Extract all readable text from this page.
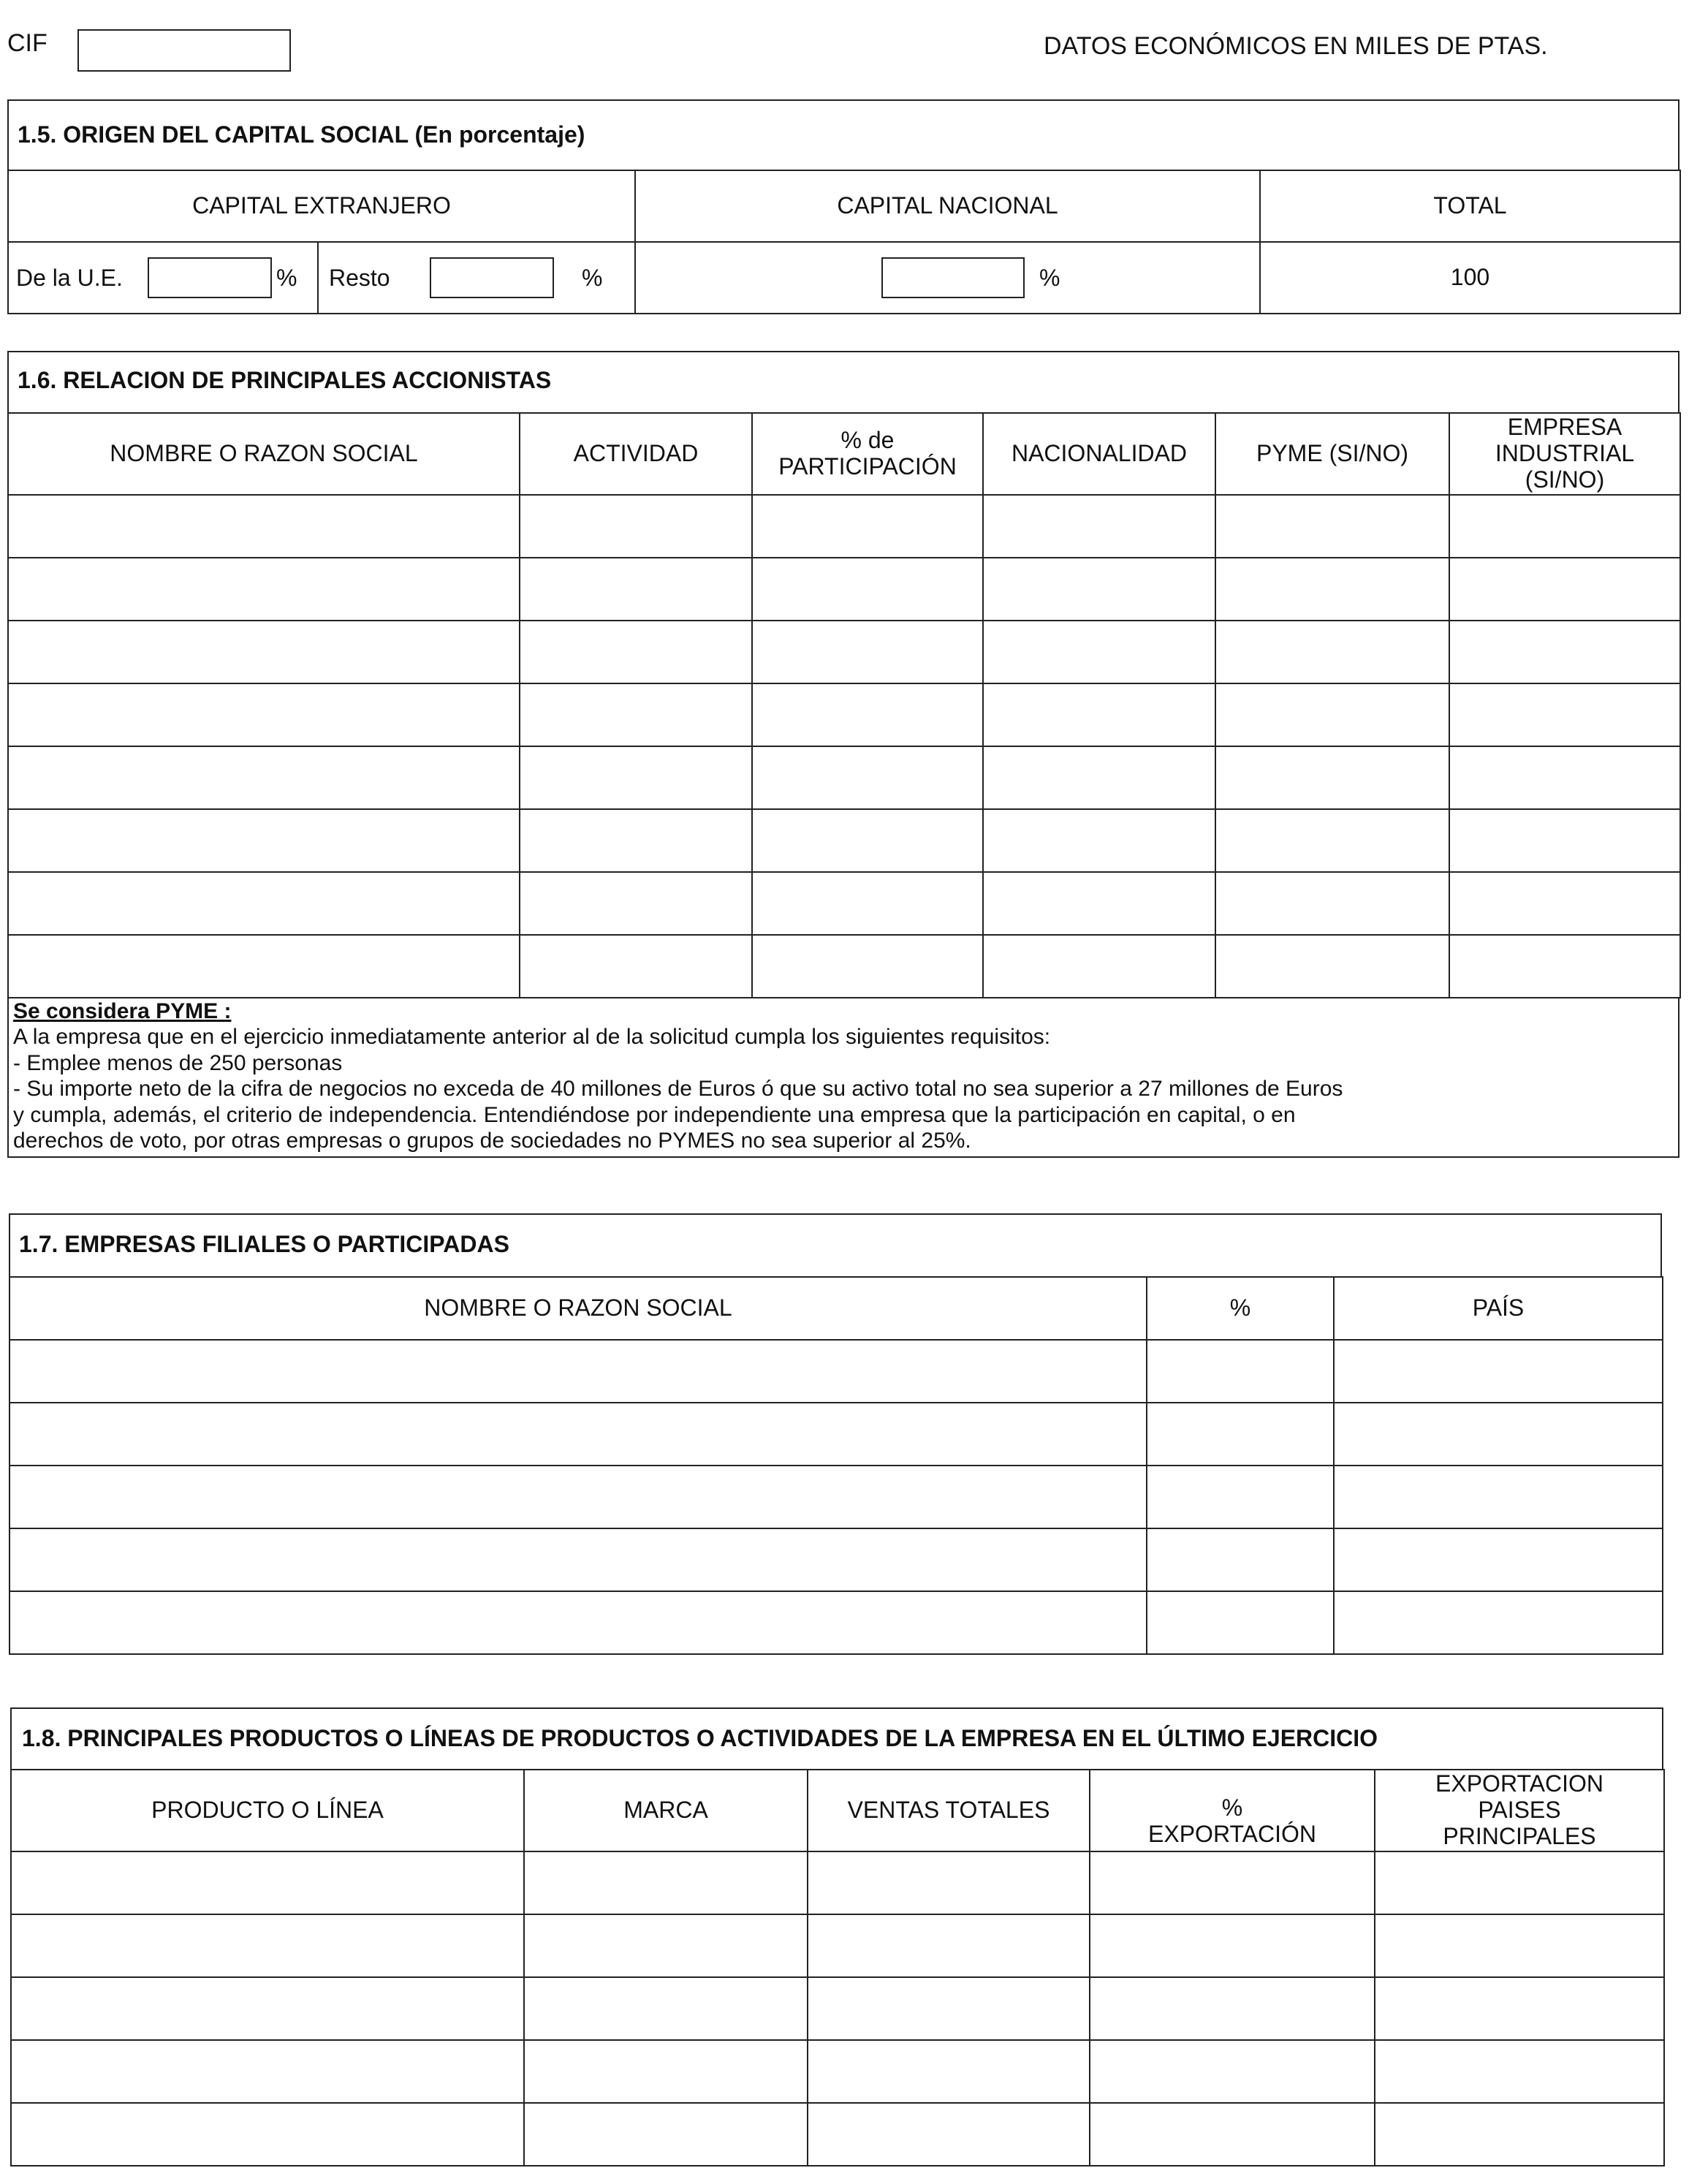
CIF	DATOS ECONÓMICOS EN MILES DE PTAS.
1.5. ORIGEN DEL CAPITAL SOCIAL (En porcentaje)
CAPITAL EXTRANJERO		CAPITAL NACIONAL	TOTAL

De la U.E. %	Resto %	%	100
1.6. RELACION DE PRINCIPALES ACCIONISTAS
NOMBRE O RAZON SOCIAL	ACTIVIDAD	% de PARTICIPACIÓN	NACIONALIDAD	PYME (SI/NO)	EMPRESA INDUSTRIAL (SI/NO)

Se considera PYME :
A la empresa que en el ejercicio inmediatamente anterior al de la solicitud cumpla los siguientes requisitos:
- Emplee menos de 250 personas
- Su importe neto de la cifra de negocios no exceda de 40 millones de Euros ó que su activo total no sea superior a 27 millones de Euros
y cumpla, además, el criterio de independencia. Entendiéndose por independiente una empresa que la participación en capital, o en
derechos de voto, por otras empresas o grupos de sociedades no PYMES no sea superior al 25%.
1.7. EMPRESAS FILIALES O PARTICIPADAS
NOMBRE O RAZON SOCIAL	%	PAÍS

1.8. PRINCIPALES PRODUCTOS O LÍNEAS DE PRODUCTOS O ACTIVIDADES DE LA EMPRESA EN EL ÚLTIMO EJERCICIO
PRODUCTO O LÍNEA	MARCA	VENTAS TOTALES	% EXPORTACIÓN	EXPORTACION PAISES PRINCIPALES
